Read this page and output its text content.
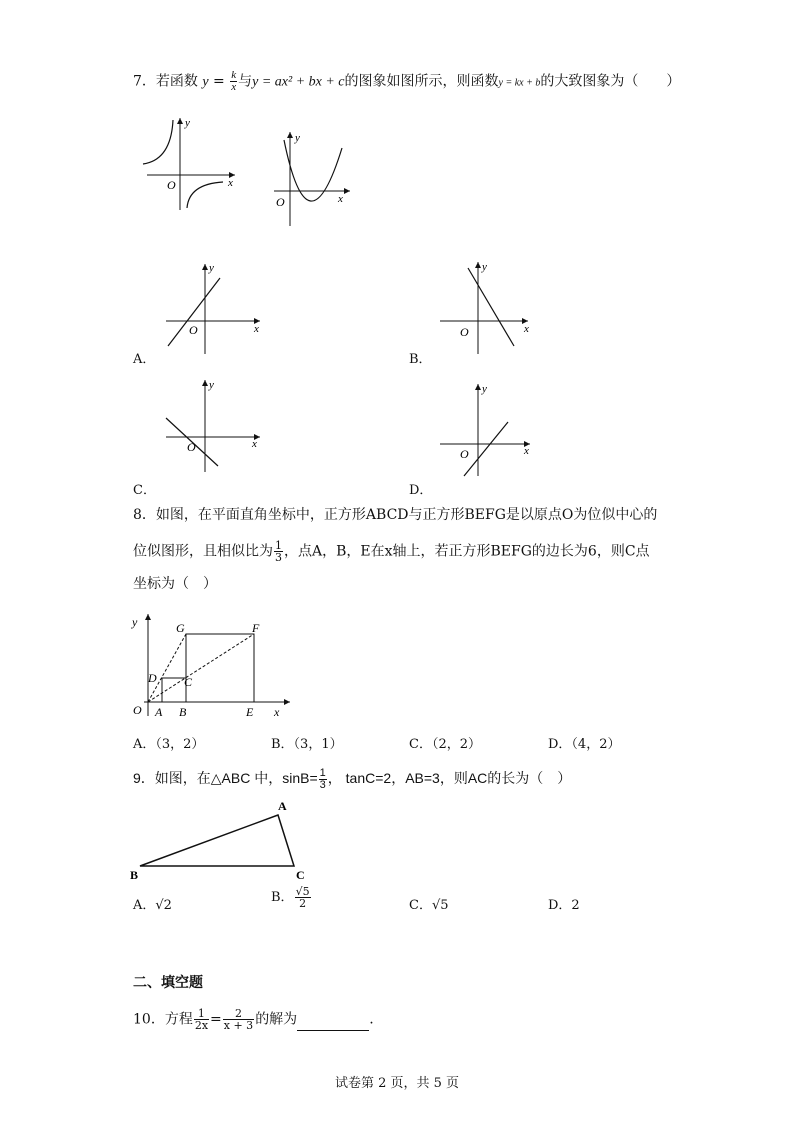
7．若函数 $y = \frac{k}{x}$ 与y = ax² + bx + c的图象如图所示，则函数y = kx + b的大致图象为（　　）
y
x
O
y
x
O
y
x
O
A．
y
x
O
B．
y
x
O
C．
y
x
O
D．
8．如图，在平面直角坐标中，正方形ABCD与正方形BEFG是以原点O为位似中心的
位似图形，且相似比为 $\frac{1}{3}$ ，点A，B，E在x轴上，若正方形BEFG的边长为6，则C点
坐标为（　）
y
x
O A B
C
D
E
F
G
A．（3，2）	B．（3，1）	C．（2，2）	D．（4，2）
9．如图，在△ABC 中，$\sin B= \frac{1}{3}$ ， tanC=2，AB=3，则AC的长为（　）
A
B	C
A．√2
B． $\frac{√5}{2}$	C．√5	D．2
二、填空题
10．方程 $\frac{1}{2x} = \frac{2}{x + 3}$ 的解为	.
试卷第 2 页，共 5 页
